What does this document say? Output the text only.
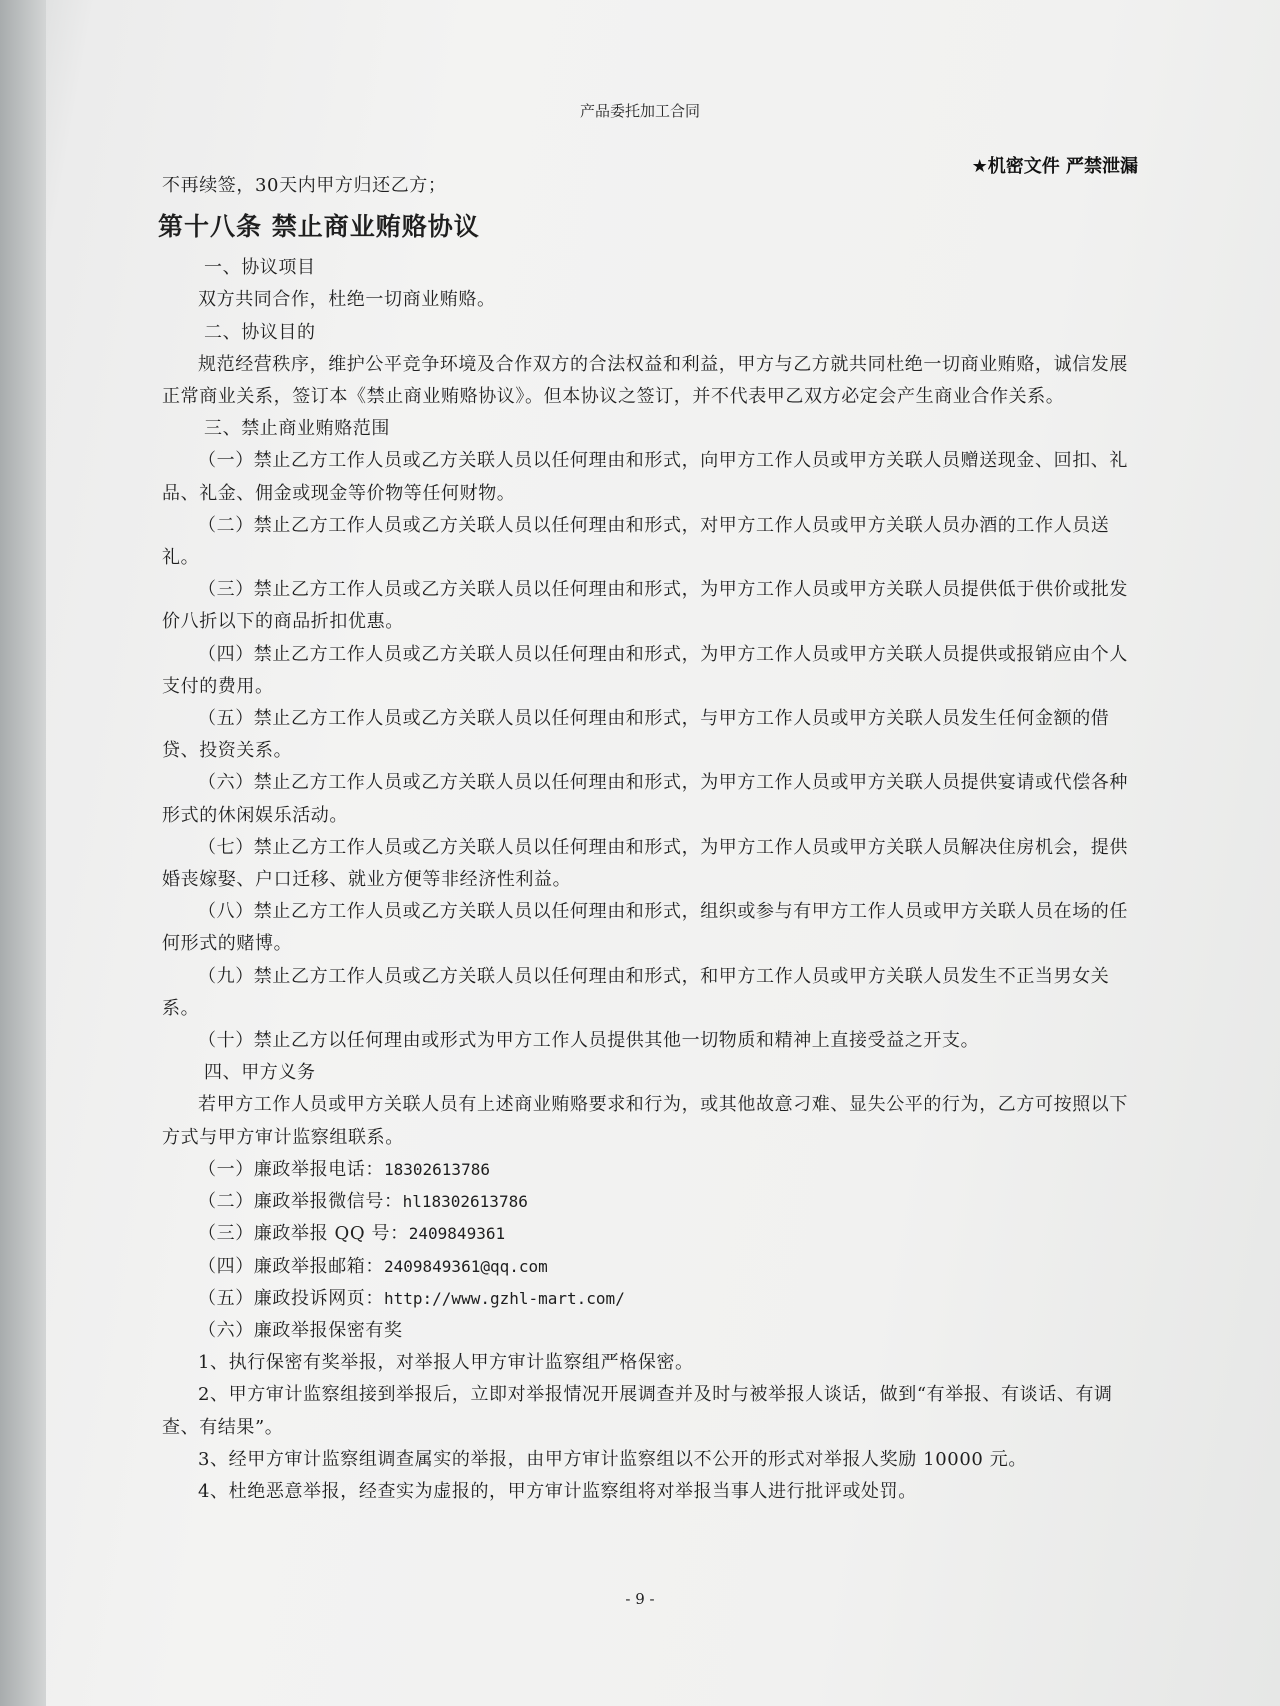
产品委托加工合同
★机密文件 严禁泄漏

不再续签，30天内甲方归还乙方；

第十八条 禁止商业贿赂协议

一、协议项目

双方共同合作，杜绝一切商业贿赂。

二、协议目的

规范经营秩序，维护公平竞争环境及合作双方的合法权益和利益，甲方与乙方就共同杜绝一切商业贿赂，诚信发展正常商业关系，签订本《禁止商业贿赂协议》。但本协议之签订，并不代表甲乙双方必定会产生商业合作关系。

三、禁止商业贿赂范围

（一）禁止乙方工作人员或乙方关联人员以任何理由和形式，向甲方工作人员或甲方关联人员赠送现金、回扣、礼品、礼金、佣金或现金等价物等任何财物。

（二）禁止乙方工作人员或乙方关联人员以任何理由和形式，对甲方工作人员或甲方关联人员办酒的工作人员送礼。

（三）禁止乙方工作人员或乙方关联人员以任何理由和形式，为甲方工作人员或甲方关联人员提供低于供价或批发价八折以下的商品折扣优惠。

（四）禁止乙方工作人员或乙方关联人员以任何理由和形式，为甲方工作人员或甲方关联人员提供或报销应由个人支付的费用。

（五）禁止乙方工作人员或乙方关联人员以任何理由和形式，与甲方工作人员或甲方关联人员发生任何金额的借贷、投资关系。

（六）禁止乙方工作人员或乙方关联人员以任何理由和形式，为甲方工作人员或甲方关联人员提供宴请或代偿各种形式的休闲娱乐活动。

（七）禁止乙方工作人员或乙方关联人员以任何理由和形式，为甲方工作人员或甲方关联人员解决住房机会，提供婚丧嫁娶、户口迁移、就业方便等非经济性利益。

（八）禁止乙方工作人员或乙方关联人员以任何理由和形式，组织或参与有甲方工作人员或甲方关联人员在场的任何形式的赌博。

（九）禁止乙方工作人员或乙方关联人员以任何理由和形式，和甲方工作人员或甲方关联人员发生不正当男女关系。

（十）禁止乙方以任何理由或形式为甲方工作人员提供其他一切物质和精神上直接受益之开支。

四、甲方义务

若甲方工作人员或甲方关联人员有上述商业贿赂要求和行为，或其他故意刁难、显失公平的行为，乙方可按照以下方式与甲方审计监察组联系。

（一）廉政举报电话：18302613786

（二）廉政举报微信号：hl18302613786

（三）廉政举报 QQ 号：2409849361

（四）廉政举报邮箱：2409849361@qq.com

（五）廉政投诉网页：http://www.gzhl-mart.com/

（六）廉政举报保密有奖

1、执行保密有奖举报，对举报人甲方审计监察组严格保密。

2、甲方审计监察组接到举报后，立即对举报情况开展调查并及时与被举报人谈话，做到“有举报、有谈话、有调查、有结果”。

3、经甲方审计监察组调查属实的举报，由甲方审计监察组以不公开的形式对举报人奖励 10000 元。

4、杜绝恶意举报，经查实为虚报的，甲方审计监察组将对举报当事人进行批评或处罚。

- 9 -
